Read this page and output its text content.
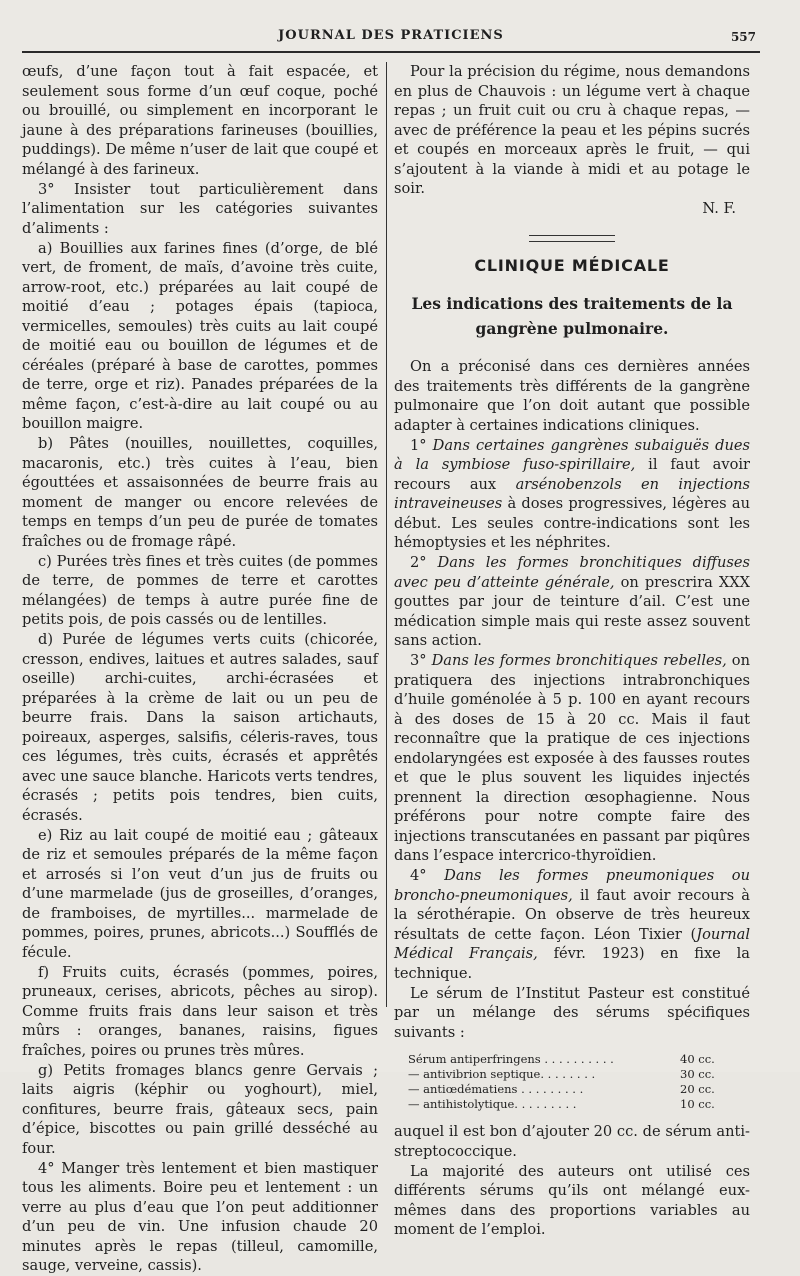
JOURNAL DES PRATICIENS	557

œufs, d’une façon tout à fait espacée, et seulement sous forme d’un œuf coque, poché ou brouillé, ou simplement en incorporant le jaune à des préparations farineuses (bouillies, puddings). De même n’user de lait que coupé et mélangé à des farineux.

3° Insister tout particulièrement dans l’alimentation sur les catégories suivantes d’aliments :

a) Bouillies aux farines fines (d’orge, de blé vert, de froment, de maïs, d’avoine très cuite, arrow-root, etc.) préparées au lait coupé de moitié d’eau ; potages épais (tapioca, vermicelles, semoules) très cuits au lait coupé de moitié eau ou bouillon de légumes et de céréales (préparé à base de carottes, pommes de terre, orge et riz). Panades préparées de la même façon, c’est-à-dire au lait coupé ou au bouillon maigre.

b) Pâtes (nouilles, nouillettes, coquilles, macaronis, etc.) très cuites à l’eau, bien égouttées et assaisonnées de beurre frais au moment de manger ou encore relevées de temps en temps d’un peu de purée de tomates fraîches ou de fromage râpé.

c) Purées très fines et très cuites (de pommes de terre, de pommes de terre et carottes mélangées) de temps à autre purée fine de petits pois, de pois cassés ou de lentilles.

d) Purée de légumes verts cuits (chicorée, cresson, endives, laitues et autres salades, sauf oseille) archi-cuites, archi-écrasées et préparées à la crème de lait ou un peu de beurre frais. Dans la saison artichauts, poireaux, asperges, salsifis, céleris-raves, tous ces légumes, très cuits, écrasés et apprêtés avec une sauce blanche. Haricots verts tendres, écrasés ; petits pois tendres, bien cuits, écrasés.

e) Riz au lait coupé de moitié eau ; gâteaux de riz et semoules préparés de la même façon et arrosés si l’on veut d’un jus de fruits ou d’une marmelade (jus de groseilles, d’oranges, de framboises, de myrtilles... marmelade de pommes, poires, prunes, abricots...) Soufflés de fécule.

f) Fruits cuits, écrasés (pommes, poires, pruneaux, cerises, abricots, pêches au sirop). Comme fruits frais dans leur saison et très mûrs : oranges, bananes, raisins, figues fraîches, poires ou prunes très mûres.

g) Petits fromages blancs genre Gervais ; laits aigris (képhir ou yoghourt), miel, confitures, beurre frais, gâteaux secs, pain d’épice, biscottes ou pain grillé desséché au four.

4° Manger très lentement et bien mastiquer tous les aliments. Boire peu et lentement : un verre au plus d’eau que l’on peut additionner d’un peu de vin. Une infusion chaude 20 minutes après le repas (tilleul, camomille, sauge, verveine, cassis).

Pour la précision du régime, nous demandons en plus de Chauvois : un légume vert à chaque repas ; un fruit cuit ou cru à chaque repas, — avec de préférence la peau et les pépins sucrés et coupés en morceaux après le fruit, — qui s’ajoutent à la viande à midi et au potage le soir.

N. F.

CLINIQUE MÉDICALE
Les indications des traitements de la gangrène pulmonaire.

On a préconisé dans ces dernières années des traitements très différents de la gangrène pulmonaire que l’on doit autant que possible adapter à certaines indications cliniques.

1° Dans certaines gangrènes subaiguës dues à la symbiose fuso-spirillaire, il faut avoir recours aux arsénobenzols en injections intraveineuses à doses progressives, légères au début. Les seules contre-indications sont les hémoptysies et les néphrites.

2° Dans les formes bronchitiques diffuses avec peu d’atteinte générale, on prescrira XXX gouttes par jour de teinture d’ail. C’est une médication simple mais qui reste assez souvent sans action.

3° Dans les formes bronchitiques rebelles, on pratiquera des injections intrabronchiques d’huile goménolée à 5 p. 100 en ayant recours à des doses de 15 à 20 cc. Mais il faut reconnaître que la pratique de ces injections endolaryngées est exposée à des fausses routes et que le plus souvent les liquides injectés prennent la direction œsophagienne. Nous préférons pour notre compte faire des injections transcutanées en passant par piqûres dans l’espace intercrico-thyroïdien.

4° Dans les formes pneumoniques ou broncho-pneumoniques, il faut avoir recours à la sérothérapie. On observe de très heureux résultats de cette façon. Léon Tixier (Journal Médical Français, févr. 1923) en fixe la technique.

Le sérum de l’Institut Pasteur est constitué par un mélange des sérums spécifiques suivants :

Sérum antiperfringens . . . . . . . . . .	40 cc.
— antivibrion septique. . . . . . . .	30 cc.
— antiœdématiens . . . . . . . . .	20 cc.
— antihistolytique. . . . . . . . .	10 cc.

auquel il est bon d’ajouter 20 cc. de sérum anti-streptococcique.

La majorité des auteurs ont utilisé ces différents sérums qu’ils ont mélangé eux-mêmes dans des proportions variables au moment de l’emploi.
